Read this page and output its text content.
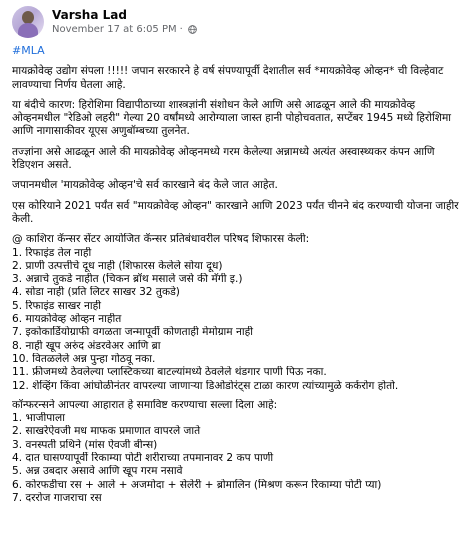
Varsha Lad
November 17 at 6:05 PM ·
#MLA
मायक्रोवेव्ह उद्योग संपला !!!!! जपान सरकारने हे वर्ष संपण्यापूर्वी देशातील सर्व *मायक्रोवेव्ह ओव्हन* ची विल्हेवाट लावण्याचा निर्णय घेतला आहे.
या बंदीचे कारण: हिरोशिमा विद्यापीठाच्या शास्त्रज्ञांनी संशोधन केले आणि असे आढळून आले की मायक्रोवेव्ह ओव्हनमधील "रेडिओ लहरी" गेल्या 20 वर्षांमध्ये आरोग्याला जास्त हानी पोहोचवतात, सप्टेंबर 1945 मध्ये हिरोशिमा आणि नागासाकीवर यूएस अणुबॉम्बच्या तुलनेत.
तज्ज्ञांना असे आढळून आले की मायक्रोवेव्ह ओव्हनमध्ये गरम केलेल्या अन्नामध्ये अत्यंत अस्वास्थ्यकर कंपन आणि रेडिएशन असते.
जपानमधील 'मायक्रोवेव्ह ओव्हन'चे सर्व कारखाने बंद केले जात आहेत.
एस कोरियाने 2021 पर्यंत सर्व "मायक्रोवेव्ह ओव्हन" कारखाने आणि 2023 पर्यंत चीनने बंद करण्याची योजना जाहीर केली.
@ काशिरा कॅन्सर सेंटर आयोजित कॅन्सर प्रतिबंधावरील परिषद शिफारस केली:
1. रिफाइंड तेल नाही
2. प्राणी उत्पत्तीचे दूध नाही (शिफारस केलेले सोया दूध)
3. अन्नाचे तुकडे नाहीत (चिकन ब्रॉथ मसाले जसे की मॅगी इ.)
4. सोडा नाही (प्रति लिटर साखर 32 तुकडे)
5. रिफाइंड साखर नाही
6. मायक्रोवेव्ह ओव्हन नाहीत
7. इकोकार्डियोग्राफी वगळता जन्मापूर्वी कोणताही मेमोग्राम नाही
8. नाही खूप अरुंद अंडरवेअर आणि ब्रा
10. वितळलेले अन्न पुन्हा गोठवू नका.
11. फ्रीजमध्ये ठेवलेल्या प्लास्टिकच्या बाटल्यांमध्ये ठेवलेले थंडगार पाणी पिऊ नका.
12. शेव्हिंग किंवा आंघोळीनंतर वापरल्या जाणाऱ्या डिओडोरंट्स टाळा कारण त्यांच्यामुळे कर्करोग होतो.
कॉन्फरन्सने आपल्या आहारात हे समाविष्ट करण्याचा सल्ला दिला आहे:
1. भाजीपाला
2. साखरेऐवजी मध माफक प्रमाणात वापरले जाते
3. वनस्पती प्रथिने (मांस ऐवजी बीन्स)
4. दात घासण्यापूर्वी रिकाम्या पोटी शरीराच्या तपमानावर 2 कप पाणी
5. अन्न उबदार असावे आणि खूप गरम नसावे
6. कोरफडीचा रस + आले + अजमोदा + सेलेरी + ब्रोमालिन (मिश्रण करून रिकाम्या पोटी प्या)
7. दररोज गाजराचा रस
